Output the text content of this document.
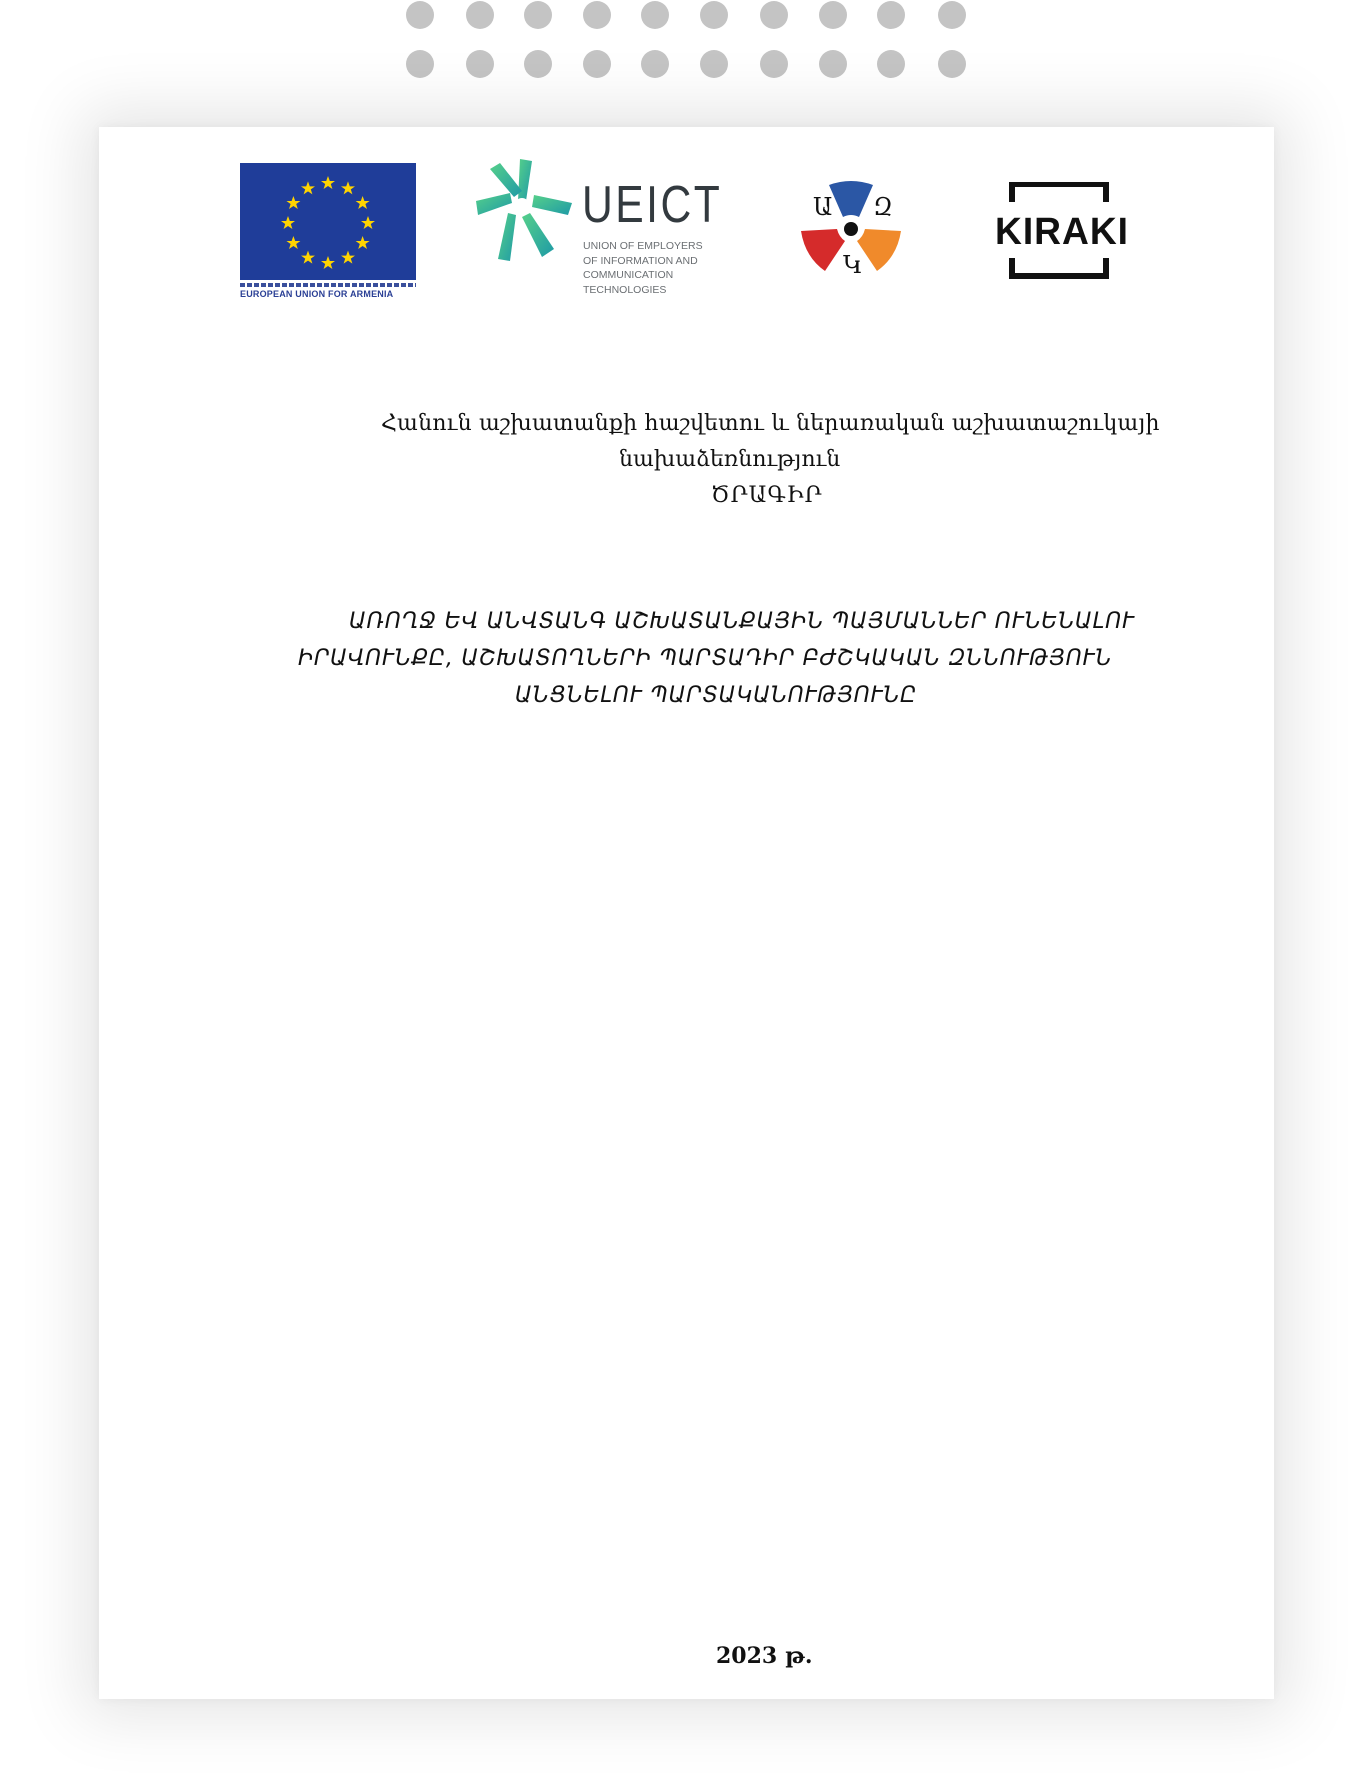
EUROPEAN UNION FOR ARMENIA
UEICT
UNION OF EMPLOYERS
OF INFORMATION AND
COMMUNICATION
TECHNOLOGIES
Ա Զ
Կ
KIRAKI
Հանուն աշխատանքի հաշվետու և ներառական աշխատաշուկայի
նախաձեռնություն
ԾՐԱԳԻՐ
ԱՌՈՂՋ ԵՎ ԱՆՎՏԱՆԳ ԱՇԽԱՏԱՆՔԱՅԻՆ ՊԱՅՄԱՆՆԵՐ ՈՒՆԵՆԱԼՈՒ
ԻՐԱՎՈՒՆՔԸ, ԱՇԽԱՏՈՂՆԵՐԻ ՊԱՐՏԱԴԻՐ ԲԺՇԿԱԿԱՆ ԶՆՆՈՒԹՅՈՒՆ
ԱՆՑՆԵԼՈՒ ՊԱՐՏԱԿԱՆՈՒԹՅՈՒՆԸ
2023 թ.
